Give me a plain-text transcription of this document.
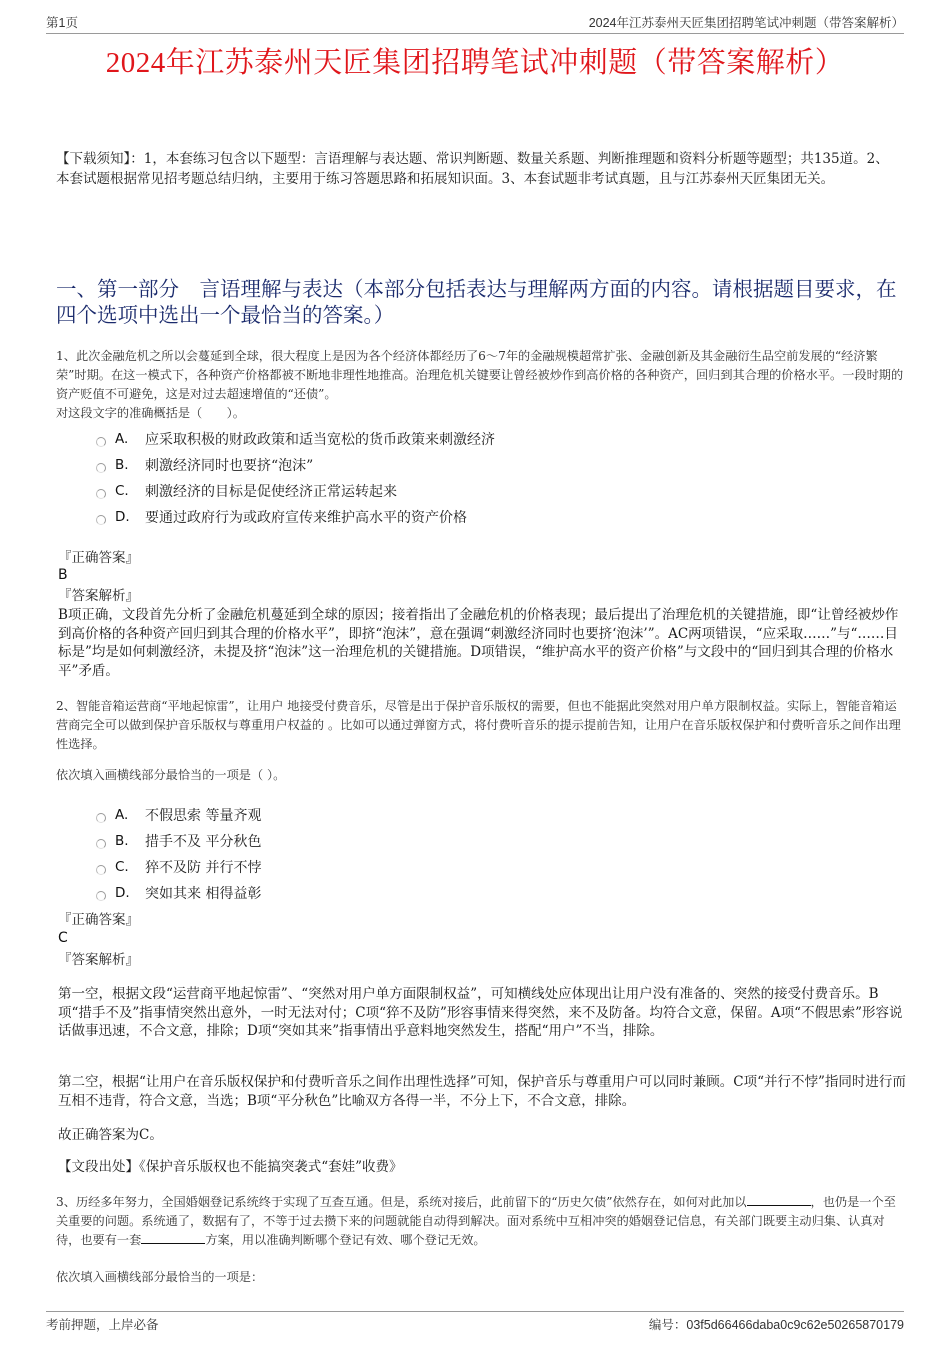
第1页	2024年江苏泰州天匠集团招聘笔试冲刺题（带答案解析）
2024年江苏泰州天匠集团招聘笔试冲刺题（带答案解析）
【下载须知】：1，本套练习包含以下题型：言语理解与表达题、常识判断题、数量关系题、判断推理题和资料分析题等题型；共135道。2、本套试题根据常见招考题总结归纳，主要用于练习答题思路和拓展知识面。3、本套试题非考试真题，且与江苏泰州天匠集团无关。
一、第一部分　言语理解与表达（本部分包括表达与理解两方面的内容。请根据题目要求，在四个选项中选出一个最恰当的答案。）
1、此次金融危机之所以会蔓延到全球，很大程度上是因为各个经济体都经历了6～7年的金融规模超常扩张、金融创新及其金融衍生品空前发展的“经济繁荣”时期。在这一模式下，各种资产价格都被不断地非理性地推高。治理危机关键要让曾经被炒作到高价格的各种资产，回归到其合理的价格水平。一段时期的资产贬值不可避免，这是对过去超速增值的“还债”。
对这段文字的准确概括是（　　）。
A.	应采取积极的财政政策和适当宽松的货币政策来刺激经济
B.	刺激经济同时也要挤“泡沫”
C.	刺激经济的目标是促使经济正常运转起来
D.	要通过政府行为或政府宣传来维护高水平的资产价格
『正确答案』
B
『答案解析』
B项正确，文段首先分析了金融危机蔓延到全球的原因；接着指出了金融危机的价格表现；最后提出了治理危机的关键措施，即“让曾经被炒作到高价格的各种资产回归到其合理的价格水平”，即挤“泡沫”，意在强调“刺激经济同时也要挤‘泡沫’”。AC两项错误，“应采取……”与“……目标是”均是如何刺激经济，未提及挤“泡沫”这一治理危机的关键措施。D项错误，“维护高水平的资产价格”与文段中的“回归到其合理的价格水平”矛盾。
2、智能音箱运营商“平地起惊雷”，让用户 地接受付费音乐，尽管是出于保护音乐版权的需要，但也不能据此突然对用户单方限制权益。实际上，智能音箱运营商完全可以做到保护音乐版权与尊重用户权益的 。比如可以通过弹窗方式，将付费听音乐的提示提前告知，让用户在音乐版权保护和付费听音乐之间作出理性选择。
依次填入画横线部分最恰当的一项是（ ）。
A.	不假思索 等量齐观
B.	措手不及 平分秋色
C.	猝不及防 并行不悖
D.	突如其来 相得益彰
『正确答案』
C
『答案解析』
第一空，根据文段“运营商平地起惊雷”、“突然对用户单方面限制权益”，可知横线处应体现出让用户没有准备的、突然的接受付费音乐。B项“措手不及”指事情突然出意外，一时无法对付；C项“猝不及防”形容事情来得突然，来不及防备。均符合文意，保留。A项“不假思索”形容说话做事迅速，不合文意，排除；D项“突如其来”指事情出乎意料地突然发生，搭配“用户”不当，排除。
第二空，根据“让用户在音乐版权保护和付费听音乐之间作出理性选择”可知，保护音乐与尊重用户可以同时兼顾。C项“并行不悖”指同时进行而互相不违背，符合文意，当选；B项“平分秋色”比喻双方各得一半，不分上下，不合文意，排除。
故正确答案为C。
【文段出处】《保护音乐版权也不能搞突袭式“套娃”收费》
3、历经多年努力，全国婚姻登记系统终于实现了互查互通。但是，系统对接后，此前留下的“历史欠债”依然存在，如何对此加以	，也仍是一个至关重要的问题。系统通了，数据有了，不等于过去攒下来的问题就能自动得到解决。面对系统中互相冲突的婚姻登记信息，有关部门既要主动归集、认真对待，也要有一套	方案，用以准确判断哪个登记有效、哪个登记无效。
依次填入画横线部分最恰当的一项是：
考前押题，上岸必备	编号：03f5d66466daba0c9c62e50265870179
